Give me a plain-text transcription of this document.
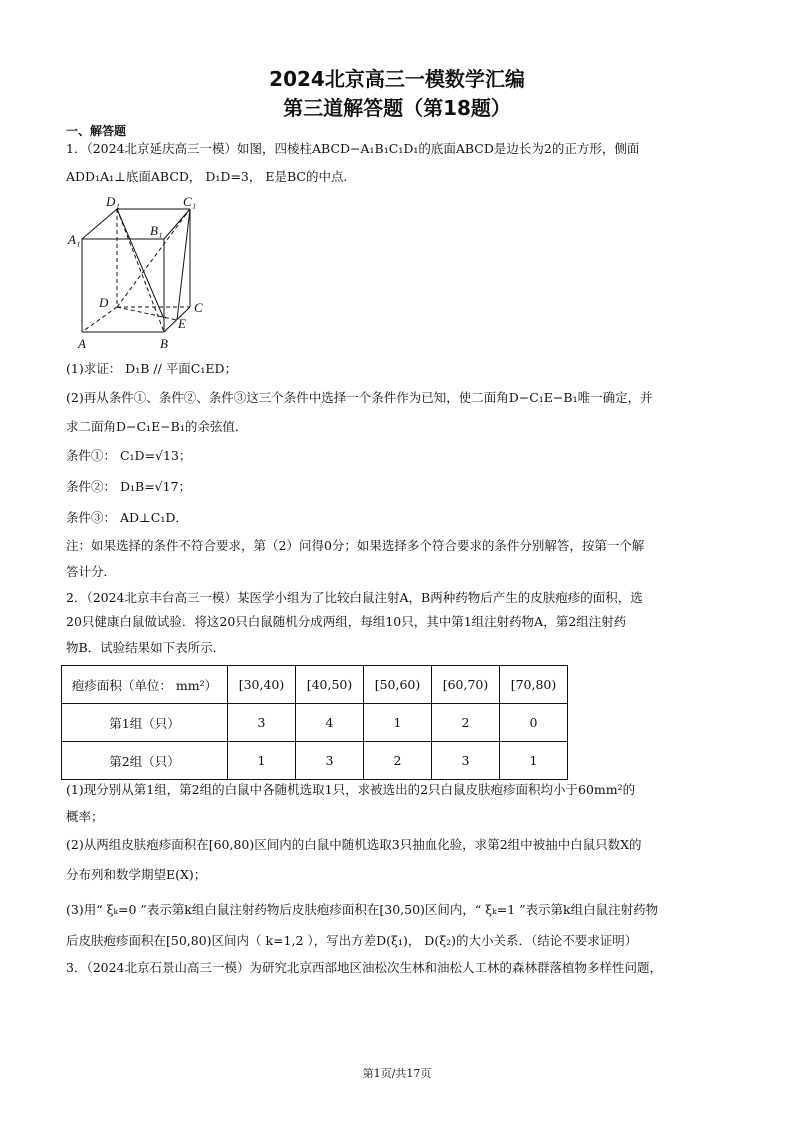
2024北京高三一模数学汇编
第三道解答题（第18题）
一、解答题
1．（2024北京延庆高三一模）如图，四棱柱ABCD−A₁B₁C₁D₁的底面ABCD是边长为2的正方形，侧面
ADD₁A₁⊥底面ABCD， D₁D=3， E是BC的中点．
D₁	C₁
A₁
B₁
D	C
E
A	B
(1)求证： D₁B // 平面C₁ED；
(2)再从条件①、条件②、条件③这三个条件中选择一个条件作为已知，使二面角D−C₁E−B₁唯一确定，并
求二面角D−C₁E−B₁的余弦值．
条件①： C₁D=√13；
条件②： D₁B=√17；
条件③： AD⊥C₁D．
注：如果选择的条件不符合要求，第（2）问得0分；如果选择多个符合要求的条件分别解答，按第一个解
答计分．
2．（2024北京丰台高三一模）某医学小组为了比较白鼠注射A，B两种药物后产生的皮肤疱疹的面积，选
20只健康白鼠做试验．将这20只白鼠随机分成两组，每组10只，其中第1组注射药物A，第2组注射药
物B．试验结果如下表所示．
疱疹面积（单位： mm²）	[30,40)	[40,50)	[50,60)	[60,70)	[70,80)
第1组（只）	3	4	1	2	0
第2组（只）	1	3	2	3	1
(1)现分别从第1组，第2组的白鼠中各随机选取1只，求被选出的2只白鼠皮肤疱疹面积均小于60mm²的
概率；
(2)从两组皮肤疱疹面积在[60,80)区间内的白鼠中随机选取3只抽血化验，求第2组中被抽中白鼠只数X的
分布列和数学期望E(X)；
(3)用“ ξₖ=0 ”表示第k组白鼠注射药物后皮肤疱疹面积在[30,50)区间内，“ ξₖ=1 ”表示第k组白鼠注射药物
后皮肤疱疹面积在[50,80)区间内（ k=1,2 ），写出方差D(ξ₁)， D(ξ₂)的大小关系．（结论不要求证明）
3．（2024北京石景山高三一模）为研究北京西部地区油松次生林和油松人工林的森林群落植物多样性问题，
第1页/共17页
